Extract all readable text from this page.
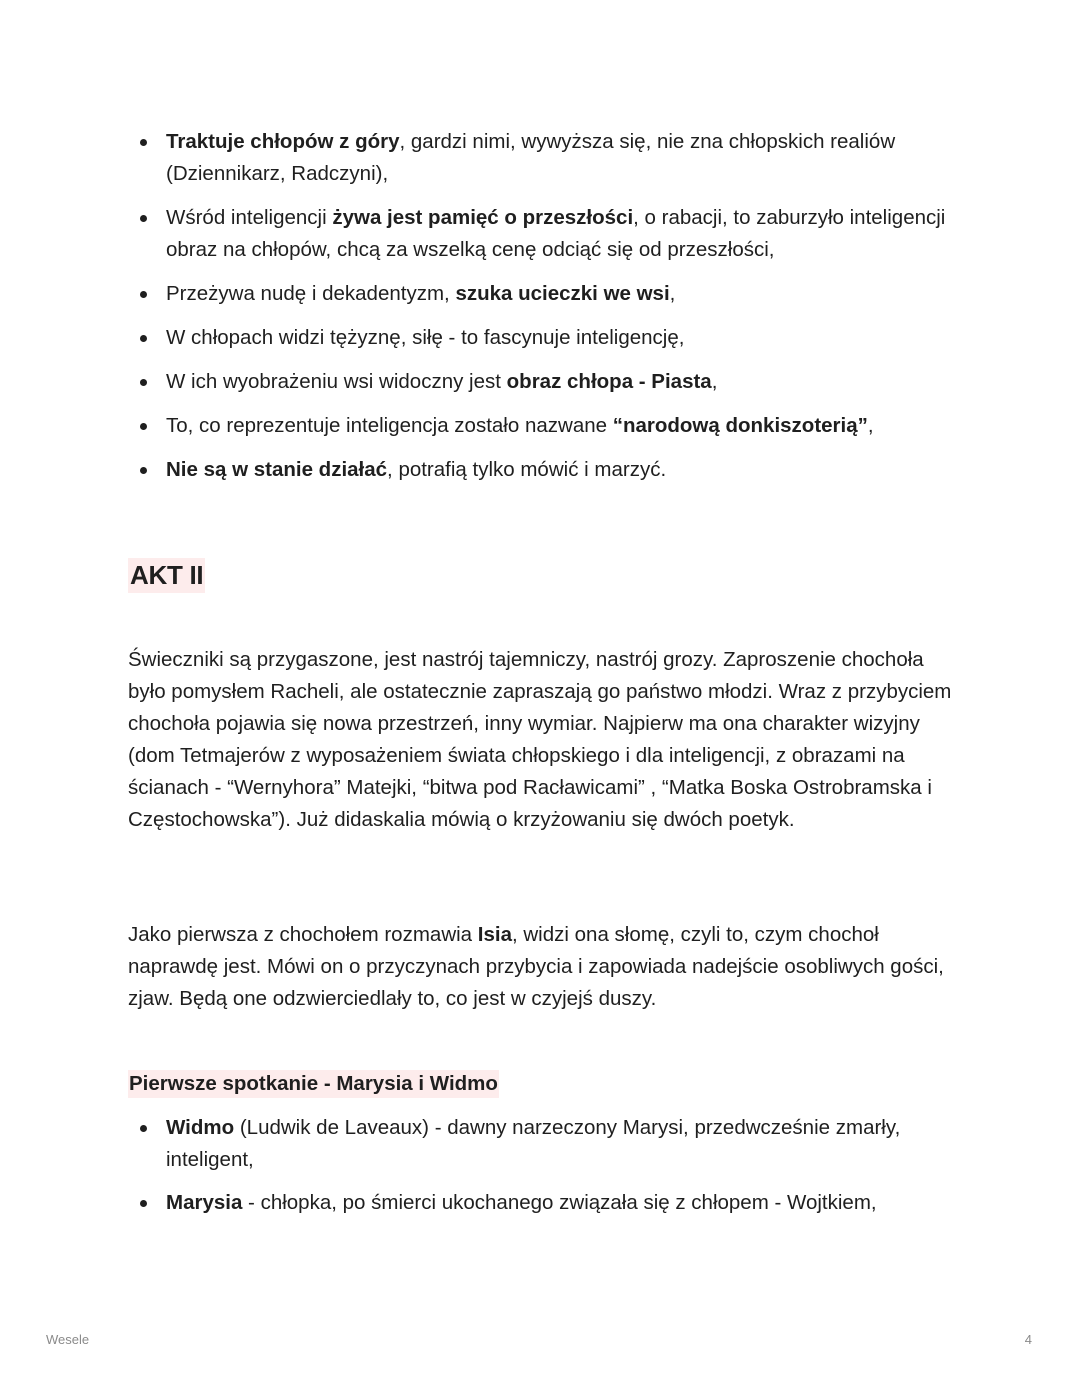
Traktuje chłopów z góry, gardzi nimi, wywyższa się, nie zna chłopskich realiów (Dziennikarz, Radczyni),
Wśród inteligencji żywa jest pamięć o przeszłości, o rabacji, to zaburzyło inteligencji obraz na chłopów, chcą za wszelką cenę odciąć się od przeszłości,
Przeżywa nudę i dekadentyzm, szuka ucieczki we wsi,
W chłopach widzi tężyznę, siłę - to fascynuje inteligencję,
W ich wyobrażeniu wsi widoczny jest obraz chłopa - Piasta,
To, co reprezentuje inteligencja zostało nazwane “narodową donkiszoterią”,
Nie są w stanie działać, potrafią tylko mówić i marzyć.
AKT II

Świeczniki są przygaszone, jest nastrój tajemniczy, nastrój grozy. Zaproszenie chochoła było pomysłem Racheli, ale ostatecznie zapraszają go państwo młodzi. Wraz z przybyciem chochoła pojawia się nowa przestrzeń, inny wymiar. Najpierw ma ona charakter wizyjny (dom Tetmajerów z wyposażeniem świata chłopskiego i dla inteligencji, z obrazami na ścianach - “Wernyhora” Matejki, “bitwa pod Racławicami” , “Matka Boska Ostrobramska i Częstochowska”). Już didaskalia mówią o krzyżowaniu się dwóch poetyk.

Jako pierwsza z chochołem rozmawia Isia, widzi ona słomę, czyli to, czym chochoł naprawdę jest. Mówi on o przyczynach przybycia i zapowiada nadejście osobliwych gości, zjaw. Będą one odzwierciedlały to, co jest w czyjejś duszy.

Pierwsze spotkanie - Marysia i Widmo
Widmo (Ludwik de Laveaux) - dawny narzeczony Marysi, przedwcześnie zmarły, inteligent,
Marysia - chłopka, po śmierci ukochanego związała się z chłopem - Wojtkiem,
Wesele	4
